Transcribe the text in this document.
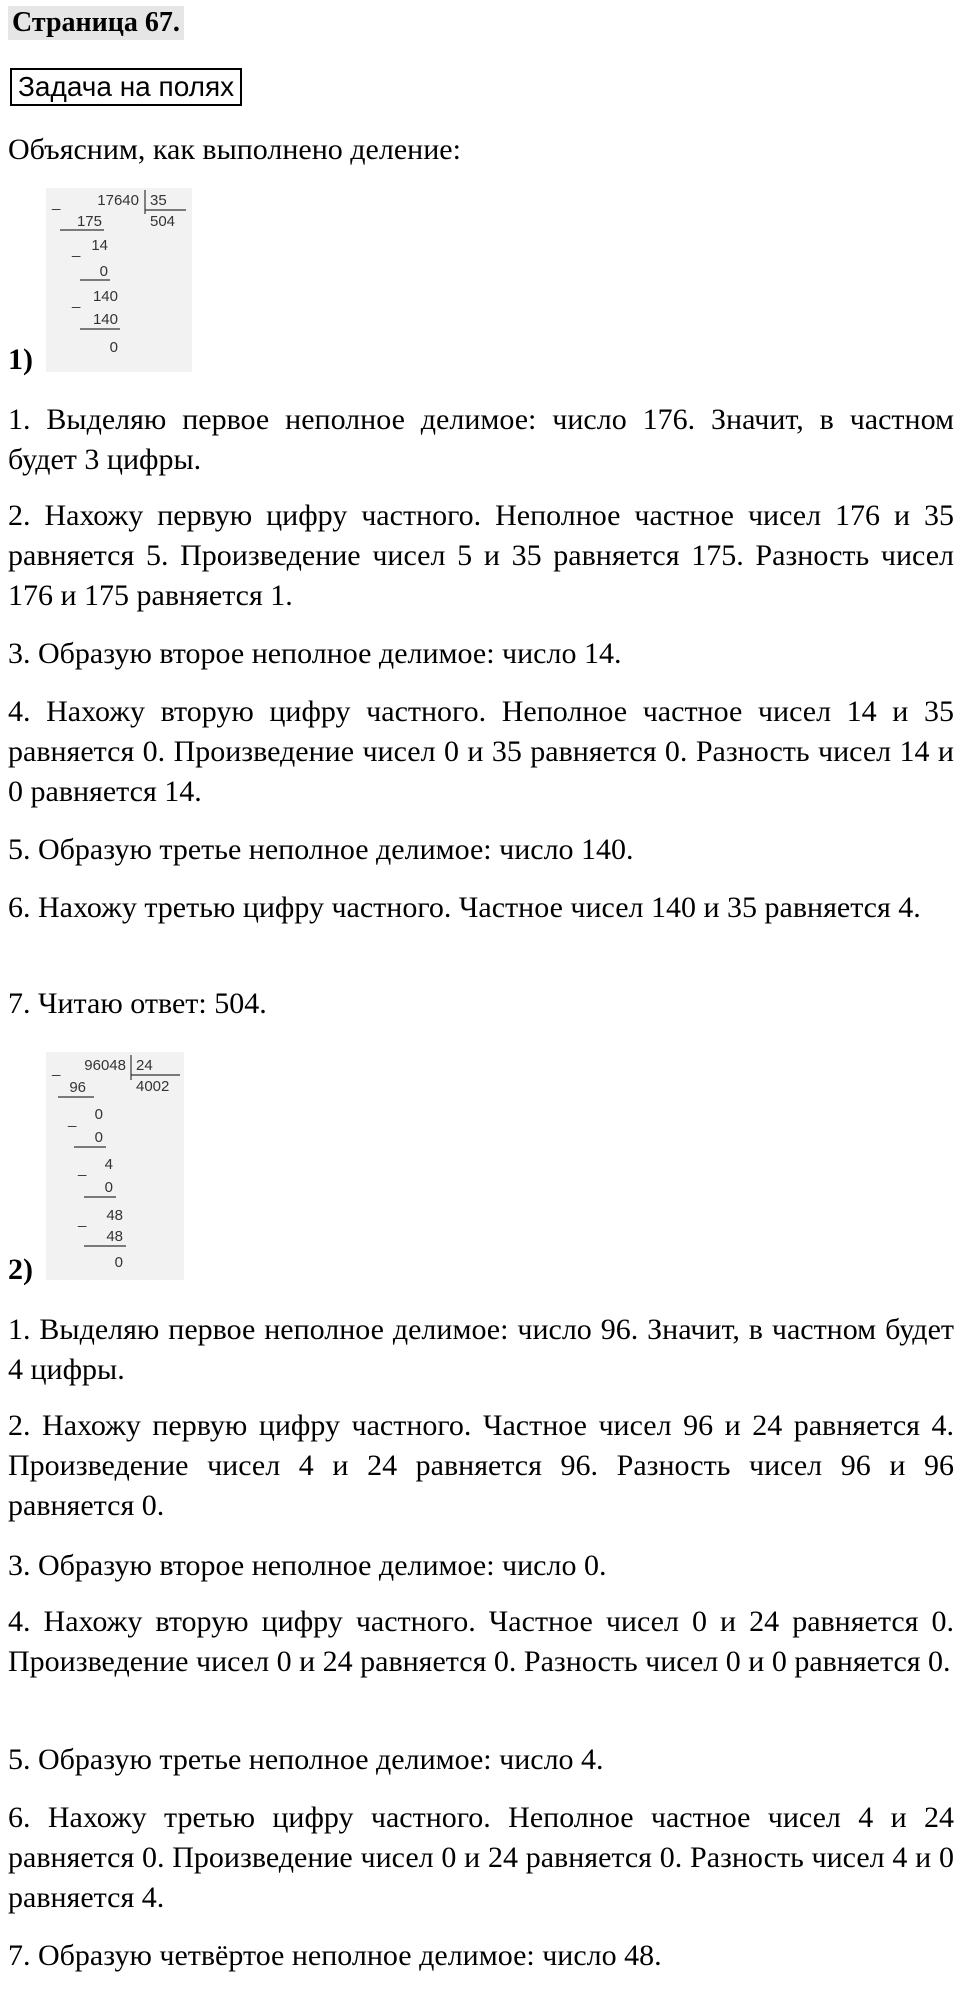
Страница 67.
Задача на полях
Объясним, как выполнено деление:
_ 17640 35
504
175
_ 14
0
_ 140
140
0
1)

1. Выделяю первое неполное делимое: число 176. Значит, в частном будет 3 цифры.

2. Нахожу первую цифру частного. Неполное частное чисел 176 и 35 равняется 5. Произведение чисел 5 и 35 равняется 175. Разность чисел 176 и 175 равняется 1.

3. Образую второе неполное делимое: число 14.

4. Нахожу вторую цифру частного. Неполное частное чисел 14 и 35 равняется 0. Произведение чисел 0 и 35 равняется 0. Разность чисел 14 и 0 равняется 14.

5. Образую третье неполное делимое: число 140.

6. Нахожу третью цифру частного. Частное чисел 140 и 35 равняется 4.

7. Читаю ответ: 504.

_ 96048 24
4002
96
_ 0
0
_ 4
0
_ 48
48
0
2)

1. Выделяю первое неполное делимое: число 96. Значит, в частном будет 4 цифры.

2. Нахожу первую цифру частного. Частное чисел 96 и 24 равняется 4. Произведение чисел 4 и 24 равняется 96. Разность чисел 96 и 96 равняется 0.

3. Образую второе неполное делимое: число 0.

4. Нахожу вторую цифру частного. Частное чисел 0 и 24 равняется 0. Произведение чисел 0 и 24 равняется 0. Разность чисел 0 и 0 равняется 0.

5. Образую третье неполное делимое: число 4.

6. Нахожу третью цифру частного. Неполное частное чисел 4 и 24 равняется 0. Произведение чисел 0 и 24 равняется 0. Разность чисел 4 и 0 равняется 4.

7. Образую четвёртое неполное делимое: число 48.
